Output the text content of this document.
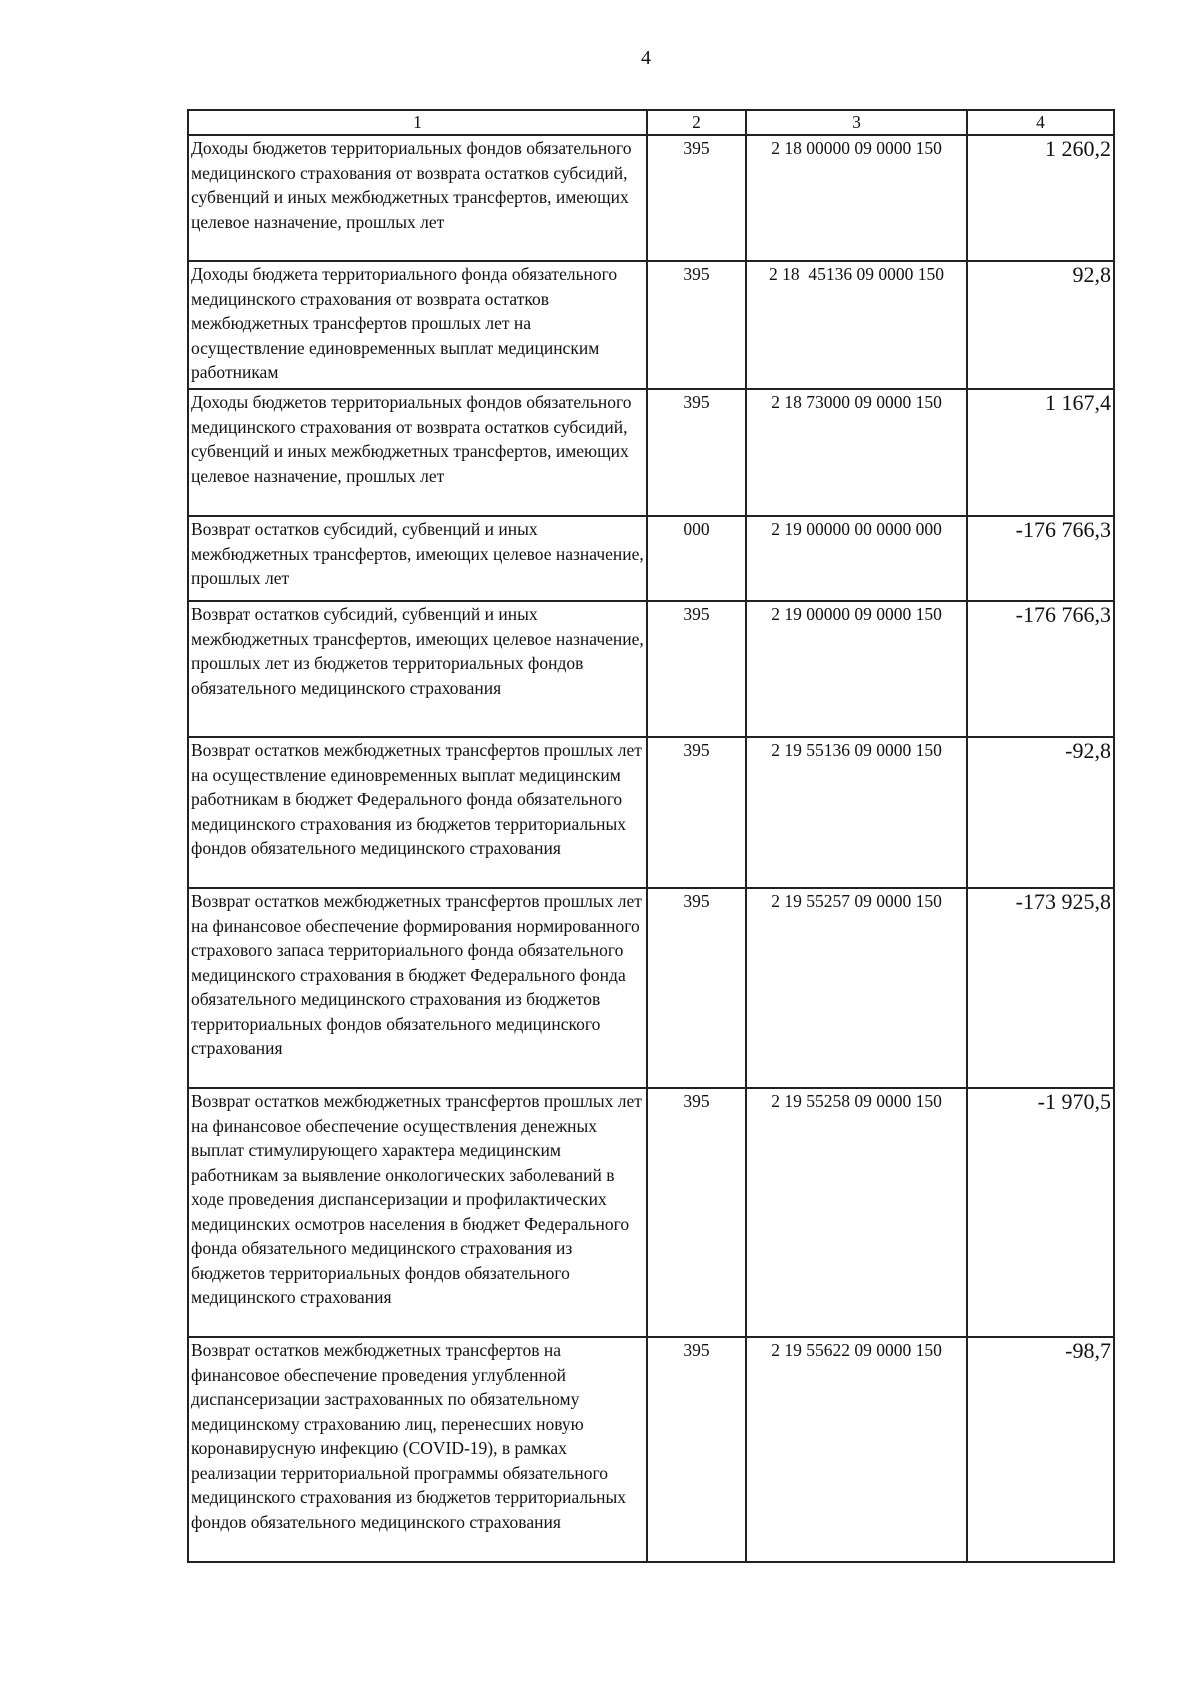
4
1	2	3	4
Доходы бюджетов территориальных фондов обязательного медицинского страхования от возврата остатков субсидий, субвенций и иных межбюджетных трансфертов, имеющих целевое назначение, прошлых лет	395	2 18 00000 09 0000 150	1 260,2
Доходы бюджета территориального фонда обязательного медицинского страхования от возврата остатков межбюджетных трансфертов прошлых лет на осуществление единовременных выплат медицинским работникам	395	2 18  45136 09 0000 150	92,8
Доходы бюджетов территориальных фондов обязательного медицинского страхования от возврата остатков субсидий, субвенций и иных межбюджетных трансфертов, имеющих целевое назначение, прошлых лет	395	2 18 73000 09 0000 150	1 167,4
Возврат остатков субсидий, субвенций и иных межбюджетных трансфертов, имеющих целевое назначение, прошлых лет	000	2 19 00000 00 0000 000	-176 766,3
Возврат остатков субсидий, субвенций и иных межбюджетных трансфертов, имеющих целевое назначение, прошлых лет из бюджетов территориальных фондов обязательного медицинского страхования	395	2 19 00000 09 0000 150	-176 766,3
Возврат остатков межбюджетных трансфертов прошлых лет на осуществление единовременных выплат медицинским работникам в бюджет Федерального фонда обязательного медицинского страхования из бюджетов территориальных фондов обязательного медицинского страхования	395	2 19 55136 09 0000 150	-92,8
Возврат остатков межбюджетных трансфертов прошлых лет на финансовое обеспечение формирования нормированного страхового запаса территориального фонда обязательного медицинского страхования в бюджет Федерального фонда обязательного медицинского страхования из бюджетов территориальных фондов обязательного медицинского страхования	395	2 19 55257 09 0000 150	-173 925,8
Возврат остатков межбюджетных трансфертов прошлых лет на финансовое обеспечение осуществления денежных выплат стимулирующего характера медицинским работникам за выявление онкологических заболеваний в ходе проведения диспансеризации и профилактических медицинских осмотров населения в бюджет Федерального фонда обязательного медицинского страхования из бюджетов территориальных фондов обязательного медицинского страхования	395	2 19 55258 09 0000 150	-1 970,5
Возврат остатков межбюджетных трансфертов на финансовое обеспечение проведения углубленной диспансеризации застрахованных по обязательному медицинскому страхованию лиц, перенесших новую коронавирусную инфекцию (COVID-19), в рамках реализации территориальной программы обязательного медицинского страхования из бюджетов территориальных фондов обязательного медицинского страхования	395	2 19 55622 09 0000 150	-98,7
